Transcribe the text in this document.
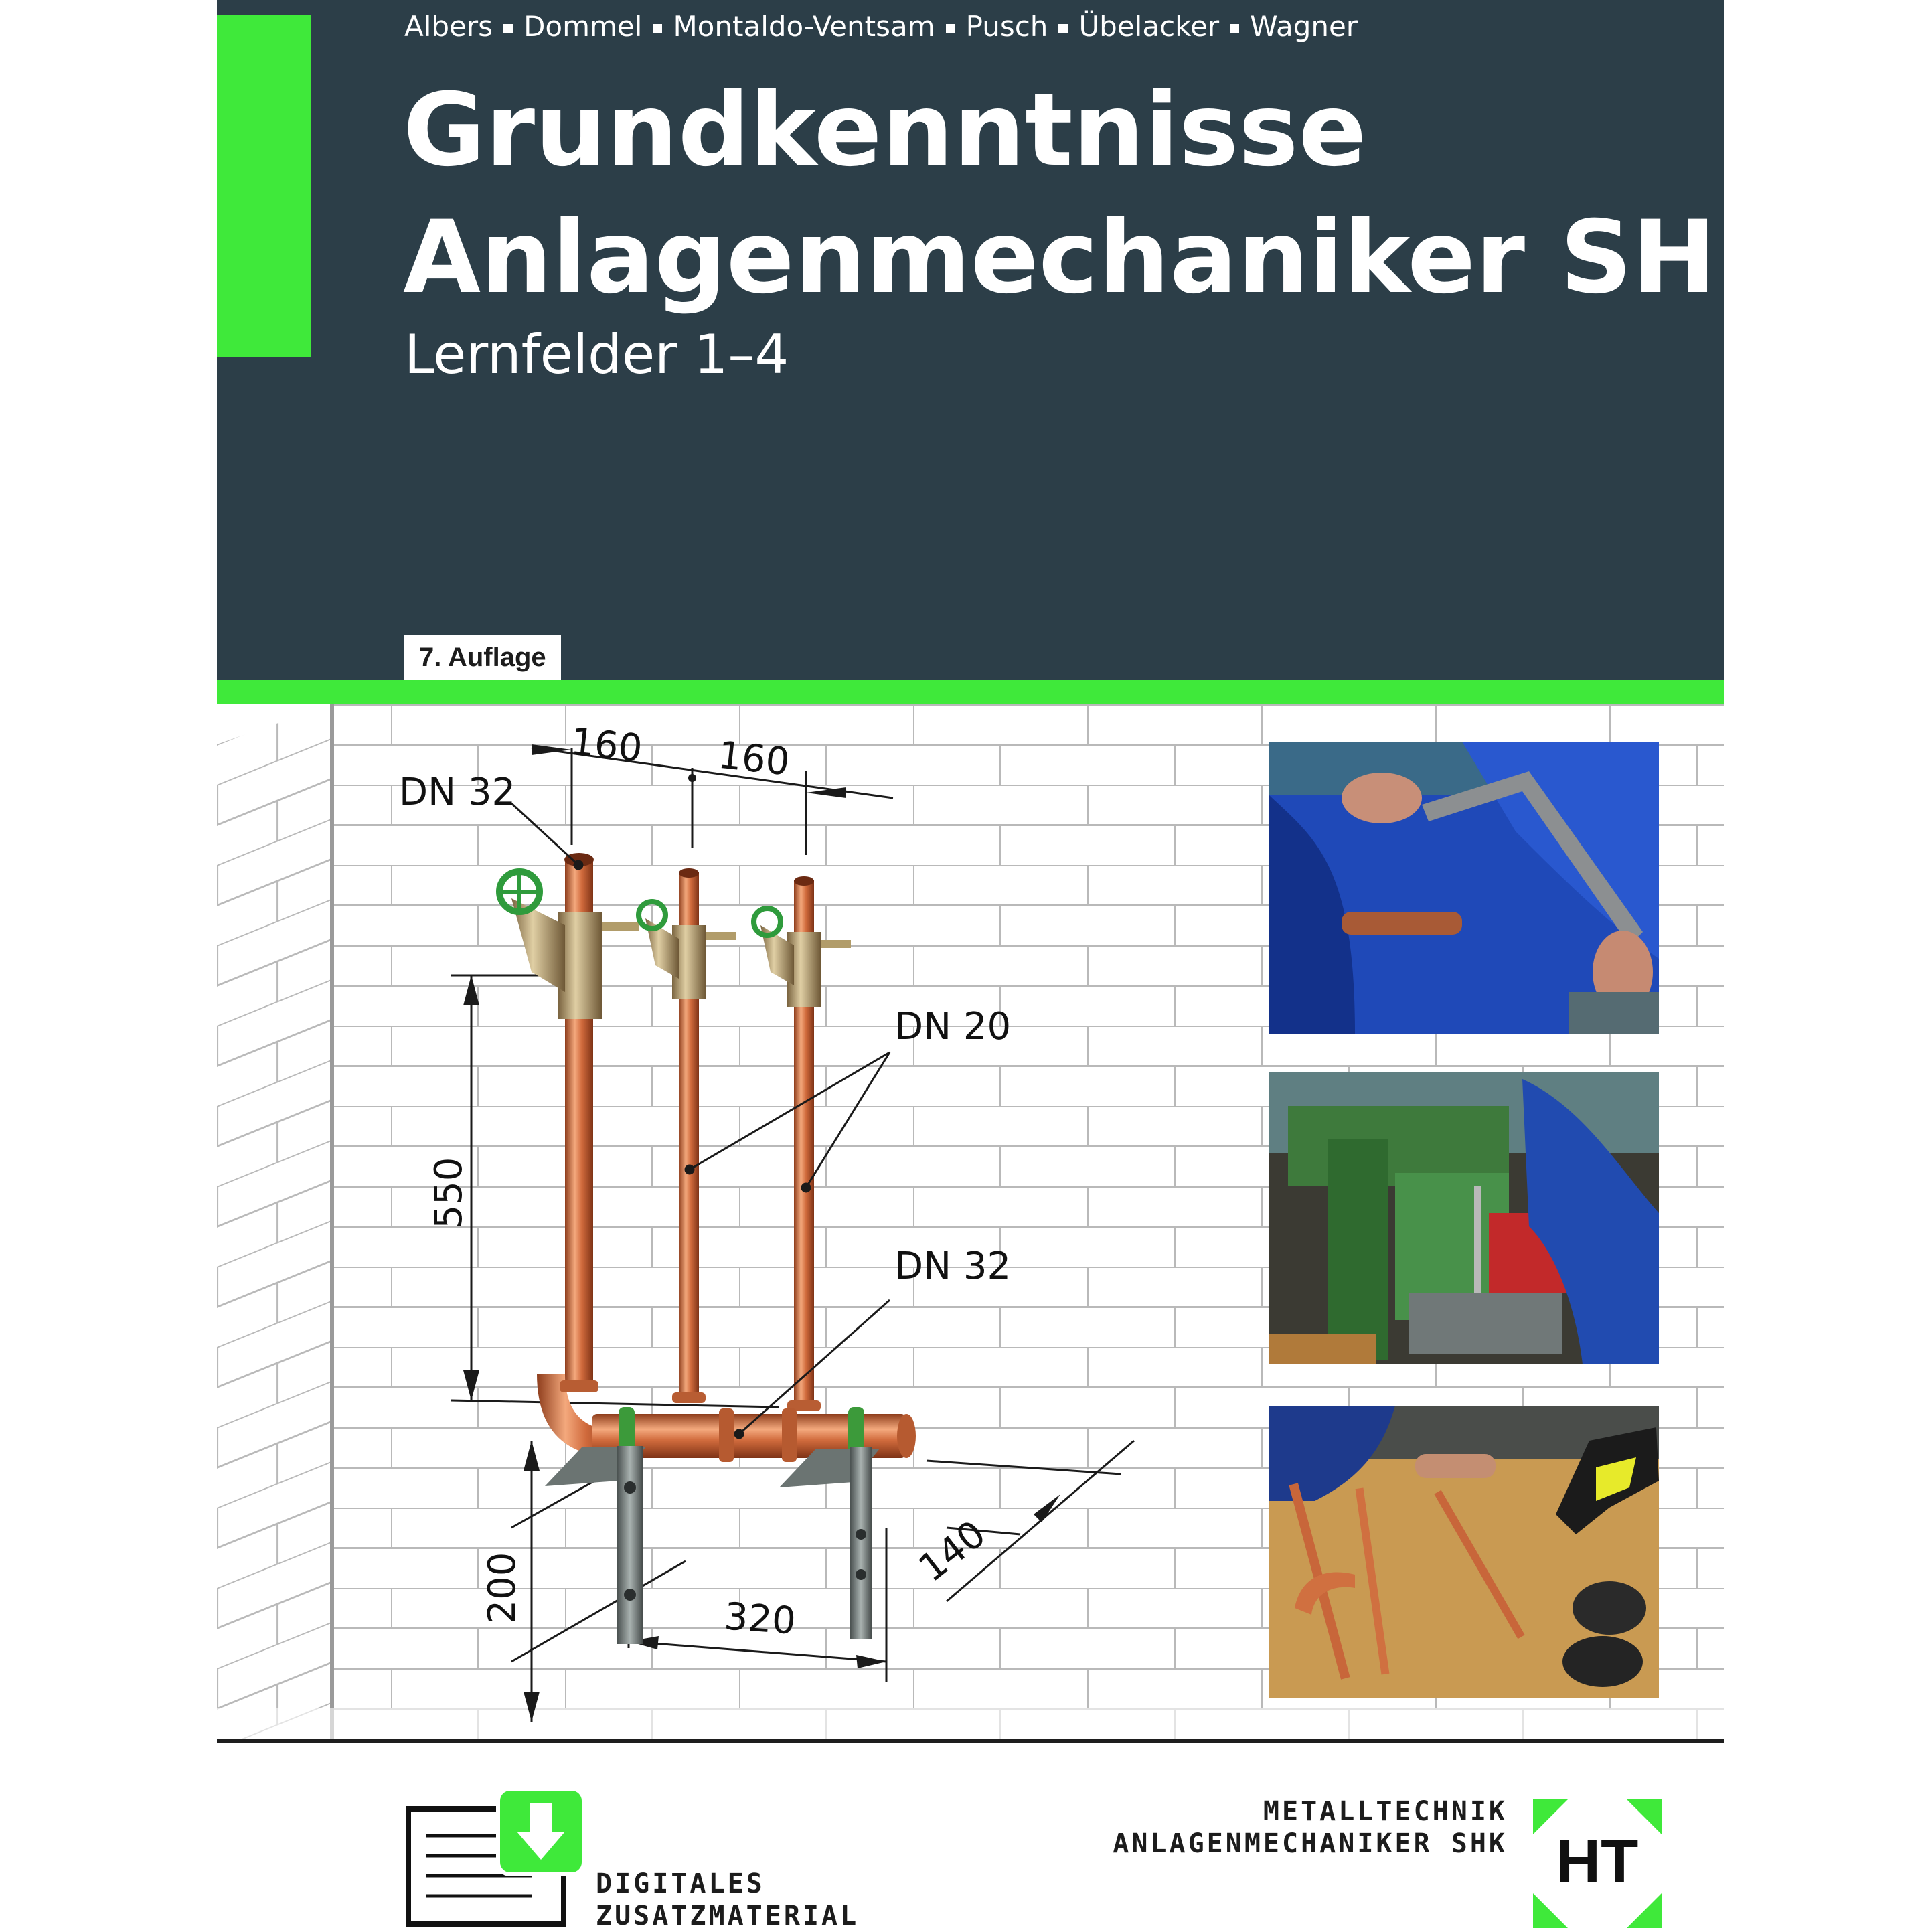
Albers Dommel Montaldo-Ventsam Pusch Übelacker Wagner
Grundkenntnisse
Anlagenmechaniker SHK
Lernfelder 1–4
7. Auflage
160 160
550
200	320
140
DN 32
DN 20
DN 32
DIGITALES
ZUSATZMATERIAL
METALLTECHNIK
ANLAGENMECHANIKER SHK HT
